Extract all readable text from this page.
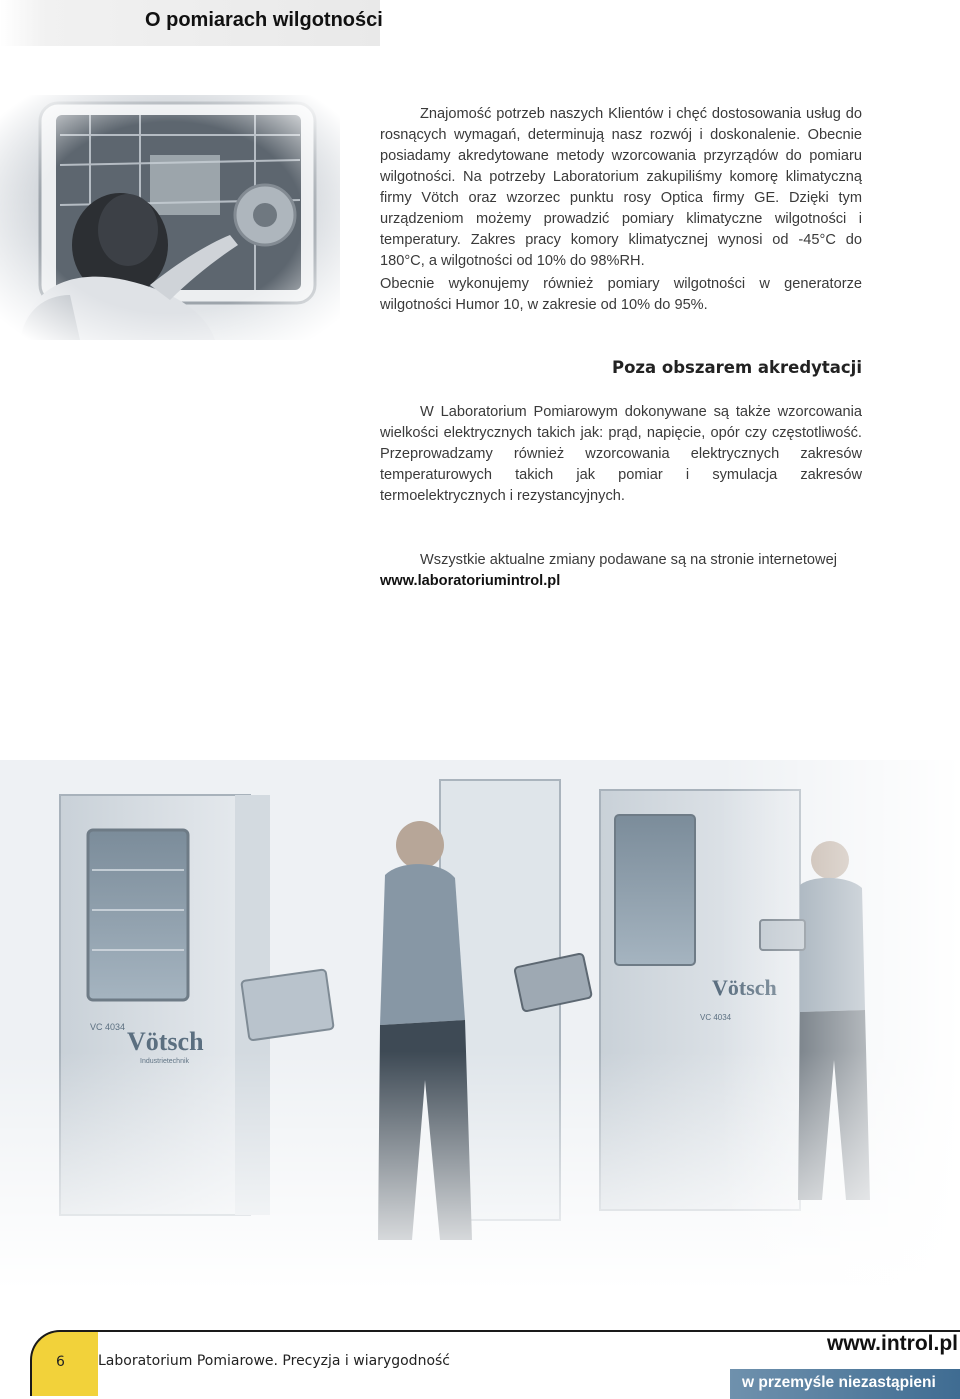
O pomiarach wilgotności

Znajomość potrzeb naszych Klientów i chęć dostosowania usług do rosnących wymagań, determinują nasz rozwój i doskonalenie. Obecnie posiadamy akredytowane metody wzorcowania przyrządów do pomiaru wilgotności. Na potrzeby Laboratorium zakupiliśmy komorę klimatyczną firmy Vötch oraz wzorzec punktu rosy Optica firmy GE. Dzięki tym urządzeniom możemy prowadzić pomiary klimatyczne wilgotności i temperatury. Zakres pracy komory klimatycznej wynosi od -45°C do 180°C, a wilgotności od 10% do 98%RH.

Obecnie wykonujemy również pomiary wilgotności w generatorze wilgotności Humor 10, w zakresie od 10% do 95%.

Poza obszarem akredytacji

W Laboratorium Pomiarowym dokonywane są także wzorcowania wielkości elektrycznych takich jak: prąd, napięcie, opór czy częstotliwość. Przeprowadzamy również wzorcowania elektrycznych zakresów temperaturowych takich jak pomiar i symulacja zakresów termoelektrycznych i rezystancyjnych.

Wszystkie aktualne zmiany podawane są na stronie internetowej
www.laboratoriumintrol.pl

6 Laboratorium Pomiarowe. Precyzja i wiarygodność
www.introl.pl
w przemyśle niezastąpieni
